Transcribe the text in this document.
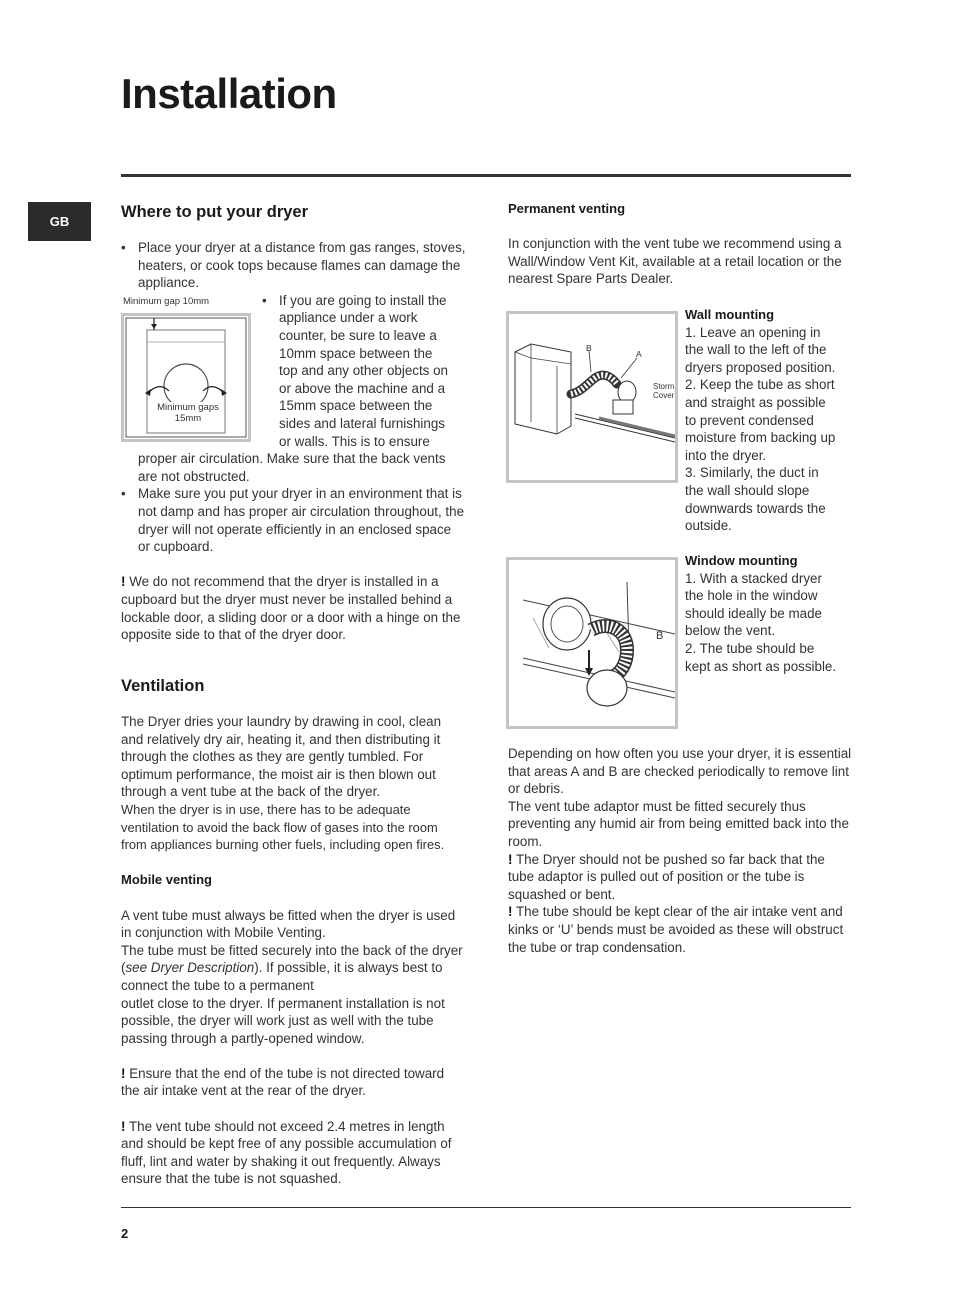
Installation
GB

Where to put your dryer

• Place your dryer at a distance from gas ranges, stoves, heaters, or cook tops because flames can damage the appliance.
• If you are going to install the
appliance under a work
counter, be sure to leave a
10mm space between the
top and any other objects on
or above the machine and a
15mm space between the
sides and lateral furnishings
or walls. This is to ensure
proper air circulation. Make sure that the back vents are not obstructed.
• Make sure you put your dryer in an environment that is not damp and has proper air circulation throughout, the dryer will not operate efficiently in an enclosed space or cupboard.

! We do not recommend that the dryer is installed in a cupboard but the dryer must never be installed behind a lockable door, a sliding door or a door with a hinge on the opposite side to that of the dryer door.

Minimum gap 10mm
Minimum gaps
15mm

Ventilation

The Dryer dries your laundry by drawing in cool, clean and relatively dry air, heating it, and then distributing it through the clothes as they are gently tumbled. For optimum performance, the moist air is then blown out through a vent tube at the back of the dryer.

When the dryer is in use, there has to be adequate ventilation to avoid the back flow of gases into the room from appliances burning other fuels, including open fires.

Mobile venting

A vent tube must always be fitted when the dryer is used in conjunction with Mobile Venting.

The tube must be fitted securely into the back of the dryer (see Dryer Description). If possible, it is always best to connect the tube to a permanent

outlet close to the dryer. If permanent installation is not possible, the dryer will work just as well with the tube passing through a partly-opened window.

! Ensure that the end of the tube is not directed toward the air intake vent at the rear of the dryer.

! The vent tube should not exceed 2.4 metres in length and should be kept free of any possible accumulation of fluff, lint and water by shaking it out frequently. Always ensure that the tube is not squashed.

Permanent venting

In conjunction with the vent tube we recommend using a Wall/Window Vent Kit, available at a retail location or the nearest Spare Parts Dealer.

B
A
Storm
Cover

Wall mounting

1. Leave an opening in
the wall to the left of the
dryers proposed position.
2. Keep the tube as short
and straight as possible
to prevent condensed
moisture from backing up
into the dryer.
3. Similarly, the duct in
the wall should slope
downwards towards the
outside.
B

Window mounting

1. With a stacked dryer
the hole in the window
should ideally be made
below the vent.
2. The tube should be
kept as short as possible.

Depending on how often you use your dryer, it is essential that areas A and B are checked periodically to remove lint or debris.

The vent tube adaptor must be fitted securely thus preventing any humid air from being emitted back into the room.

! The Dryer should not be pushed so far back that the tube adaptor is pulled out of position or the tube is squashed or bent.

! The tube should be kept clear of the air intake vent and kinks or ‘U’ bends must be avoided as these will obstruct the tube or trap condensation.

2
